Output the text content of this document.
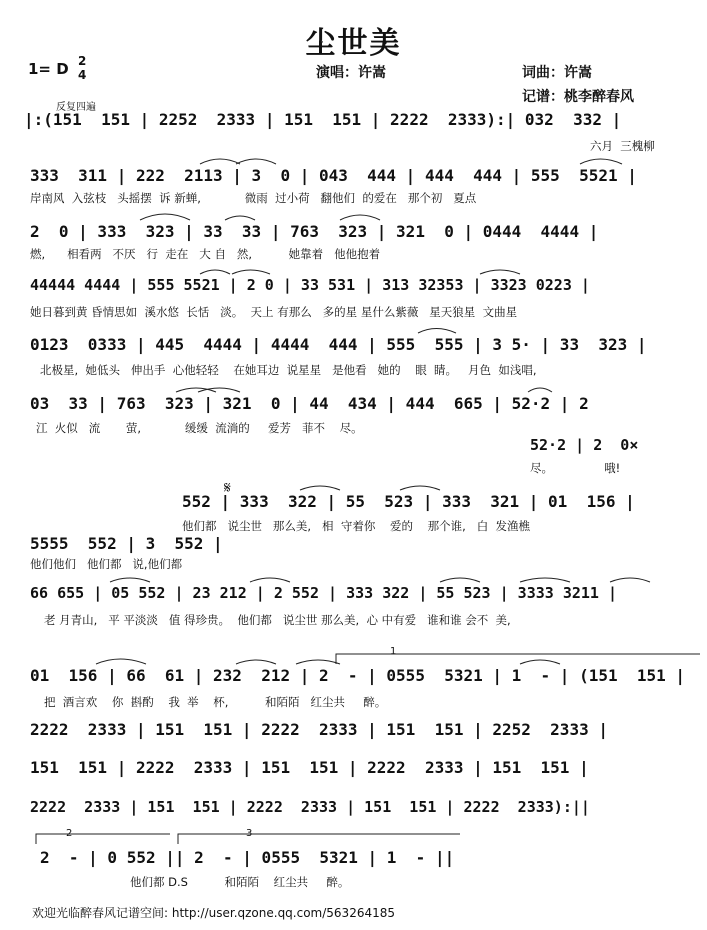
尘世美
1= D 2
4	演唱：许嵩	词曲：许嵩
记谱：桃李醉春风
反复四遍
|:(151  151 | 2252  2333 | 151  151 | 2222  2333):| 032  332 |
六月  三槐柳
333  311 | 222  2113 | 3  0 | 043  444 | 444  444 | 555  5521 |
岸南风  入弦枝   头摇摆  诉 新蝉,            微雨  过小荷   翻他们  的爱在   那个初   夏点
2  0 | 333  323 | 33  33 | 763  323 | 321  0 | 0444  4444 |
燃,      相看两   不厌   行  走在   大 自   然,          她靠着   他他抱着
44444 4444 | 555 5521 | 2 0 | 33 531 | 313 32353 | 3323 0223 |
她日暮到黄 昏情思如  溪水悠  长恬   淡。  天上 有那么   多的星 星什么紫薇   星天狼星  文曲星
0123  0333 | 445  4444 | 4444  444 | 555  555 | 3 5· | 33  323 |
北极星,  她低头   伸出手  心他轻轻    在她耳边  说星星   是他看   她的    眼  睛。   月色  如浅唱,
03  33 | 763  323 | 321  0 | 44  434 | 444  665 | 52·2 | 2
江  火似   流       萤,            缓缓  流淌的     爱芳   菲不    尽。
52·2 | 2  0×
尽。              哦!
𝄋
552 | 333  322 | 55  523 | 333  321 | 01  156 |
他们都   说尘世   那么美,   相  守着你    爱的    那个谁,   白  发渔樵
5555  552 | 3  552 |
他们他们   他们都   说,他们都
66 655 | 05 552 | 23 212 | 2 552 | 333 322 | 55 523 | 3333 3211 |
老 月青山,   平 平淡淡   值 得珍贵。  他们都   说尘世 那么美,  心 中有爱   谁和谁 会不  美,
01  156 | 66  61 | 232  212 | 2  - | 0555  5321 | 1  - | (151  151 |
把  酒言欢    你  斟酌    我  举    杯,          和陌陌   红尘共     醉。
2222  2333 | 151  151 | 2222  2333 | 151  151 | 2252  2333 |
151  151 | 2222  2333 | 151  151 | 2222  2333 | 151  151 |
2222  2333 | 151  151 | 2222  2333 | 151  151 | 2222  2333):||
2  - | 0 552 || 2  - | 0555  5321 | 1  - ||
他们都 D.S          和陌陌    红尘共     醉。
1
2	3
欢迎光临醉春风记谱空间: http://user.qzone.qq.com/563264185
